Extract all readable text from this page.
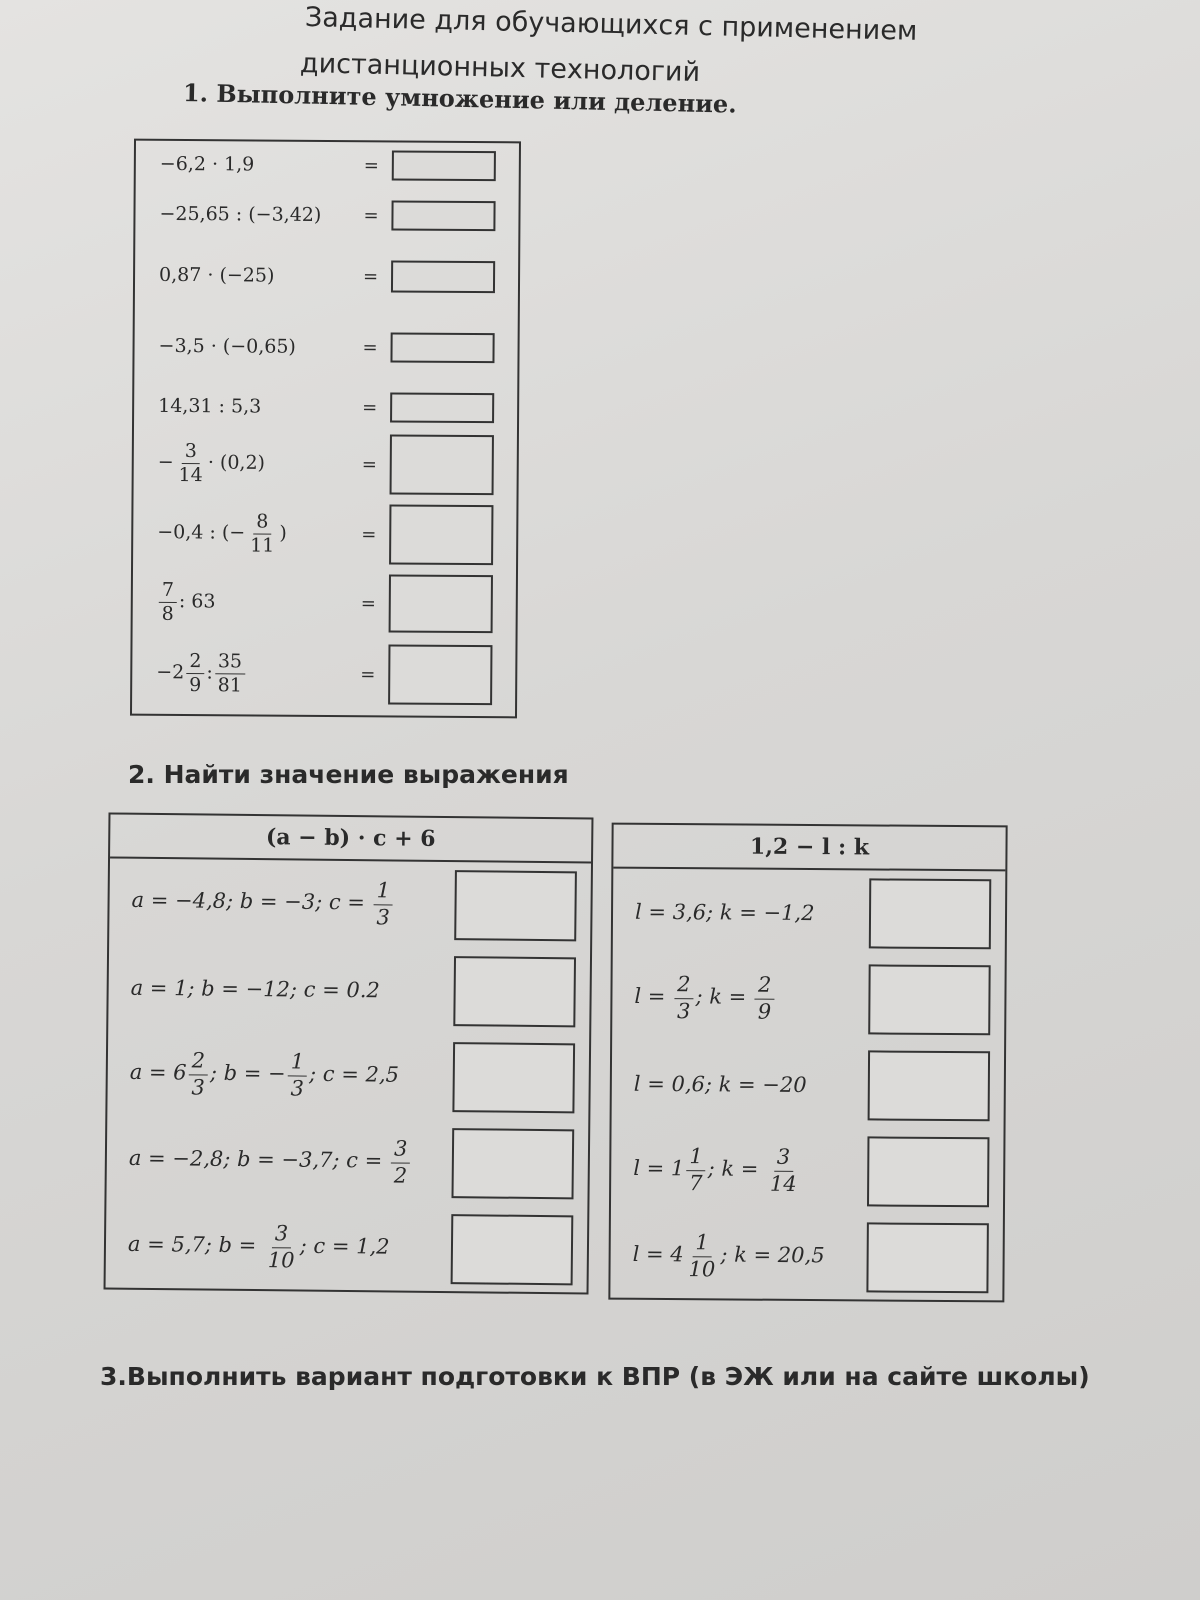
Задание для обучающихся с применением
дистанционных технологий
1. Выполните умножение или деление.
−6,2 · 1,9	=
−25,65 : (−3,42) =
0,87 · (−25)	=
−3,5 · (−0,65)	=
14,31 : 5,3	=
− $\frac{3}{14} \cdot (0,2)$	=
−0,4 : (− $\frac{8}{11}$ )	=
$\frac{7}{8}$ : 63	=
$-2 \frac{2}{9}$ : $\frac{35}{81}$	=
2. Найти значение выражения
(a − b) · c + 6
a = −4,8; b = −3; $c = \frac{1}{3}$
a = 1; b = −12; c = 0.2
$a = 6 \frac{2}{3}$ ; b = − $\frac{1}{3}$ ; c = 2,5
a = −2,8; b = −3,7; $c = \frac{3}{2}$
a = 5,7; $b = \frac{3}{10}$ ; c = 1,2
1,2 − l : k
l = 3,6; k = −1,2
$l = \frac{2}{3}$ ; $k = \frac{2}{9}$
l = 0,6; k = −20
$l = 1 \frac{1}{7}$ ; $k = \frac{3}{14}$
$l = 4 \frac{1}{10}$ ; k = 20,5
3.Выполнить вариант подготовки к ВПР (в ЭЖ или на сайте школы)
